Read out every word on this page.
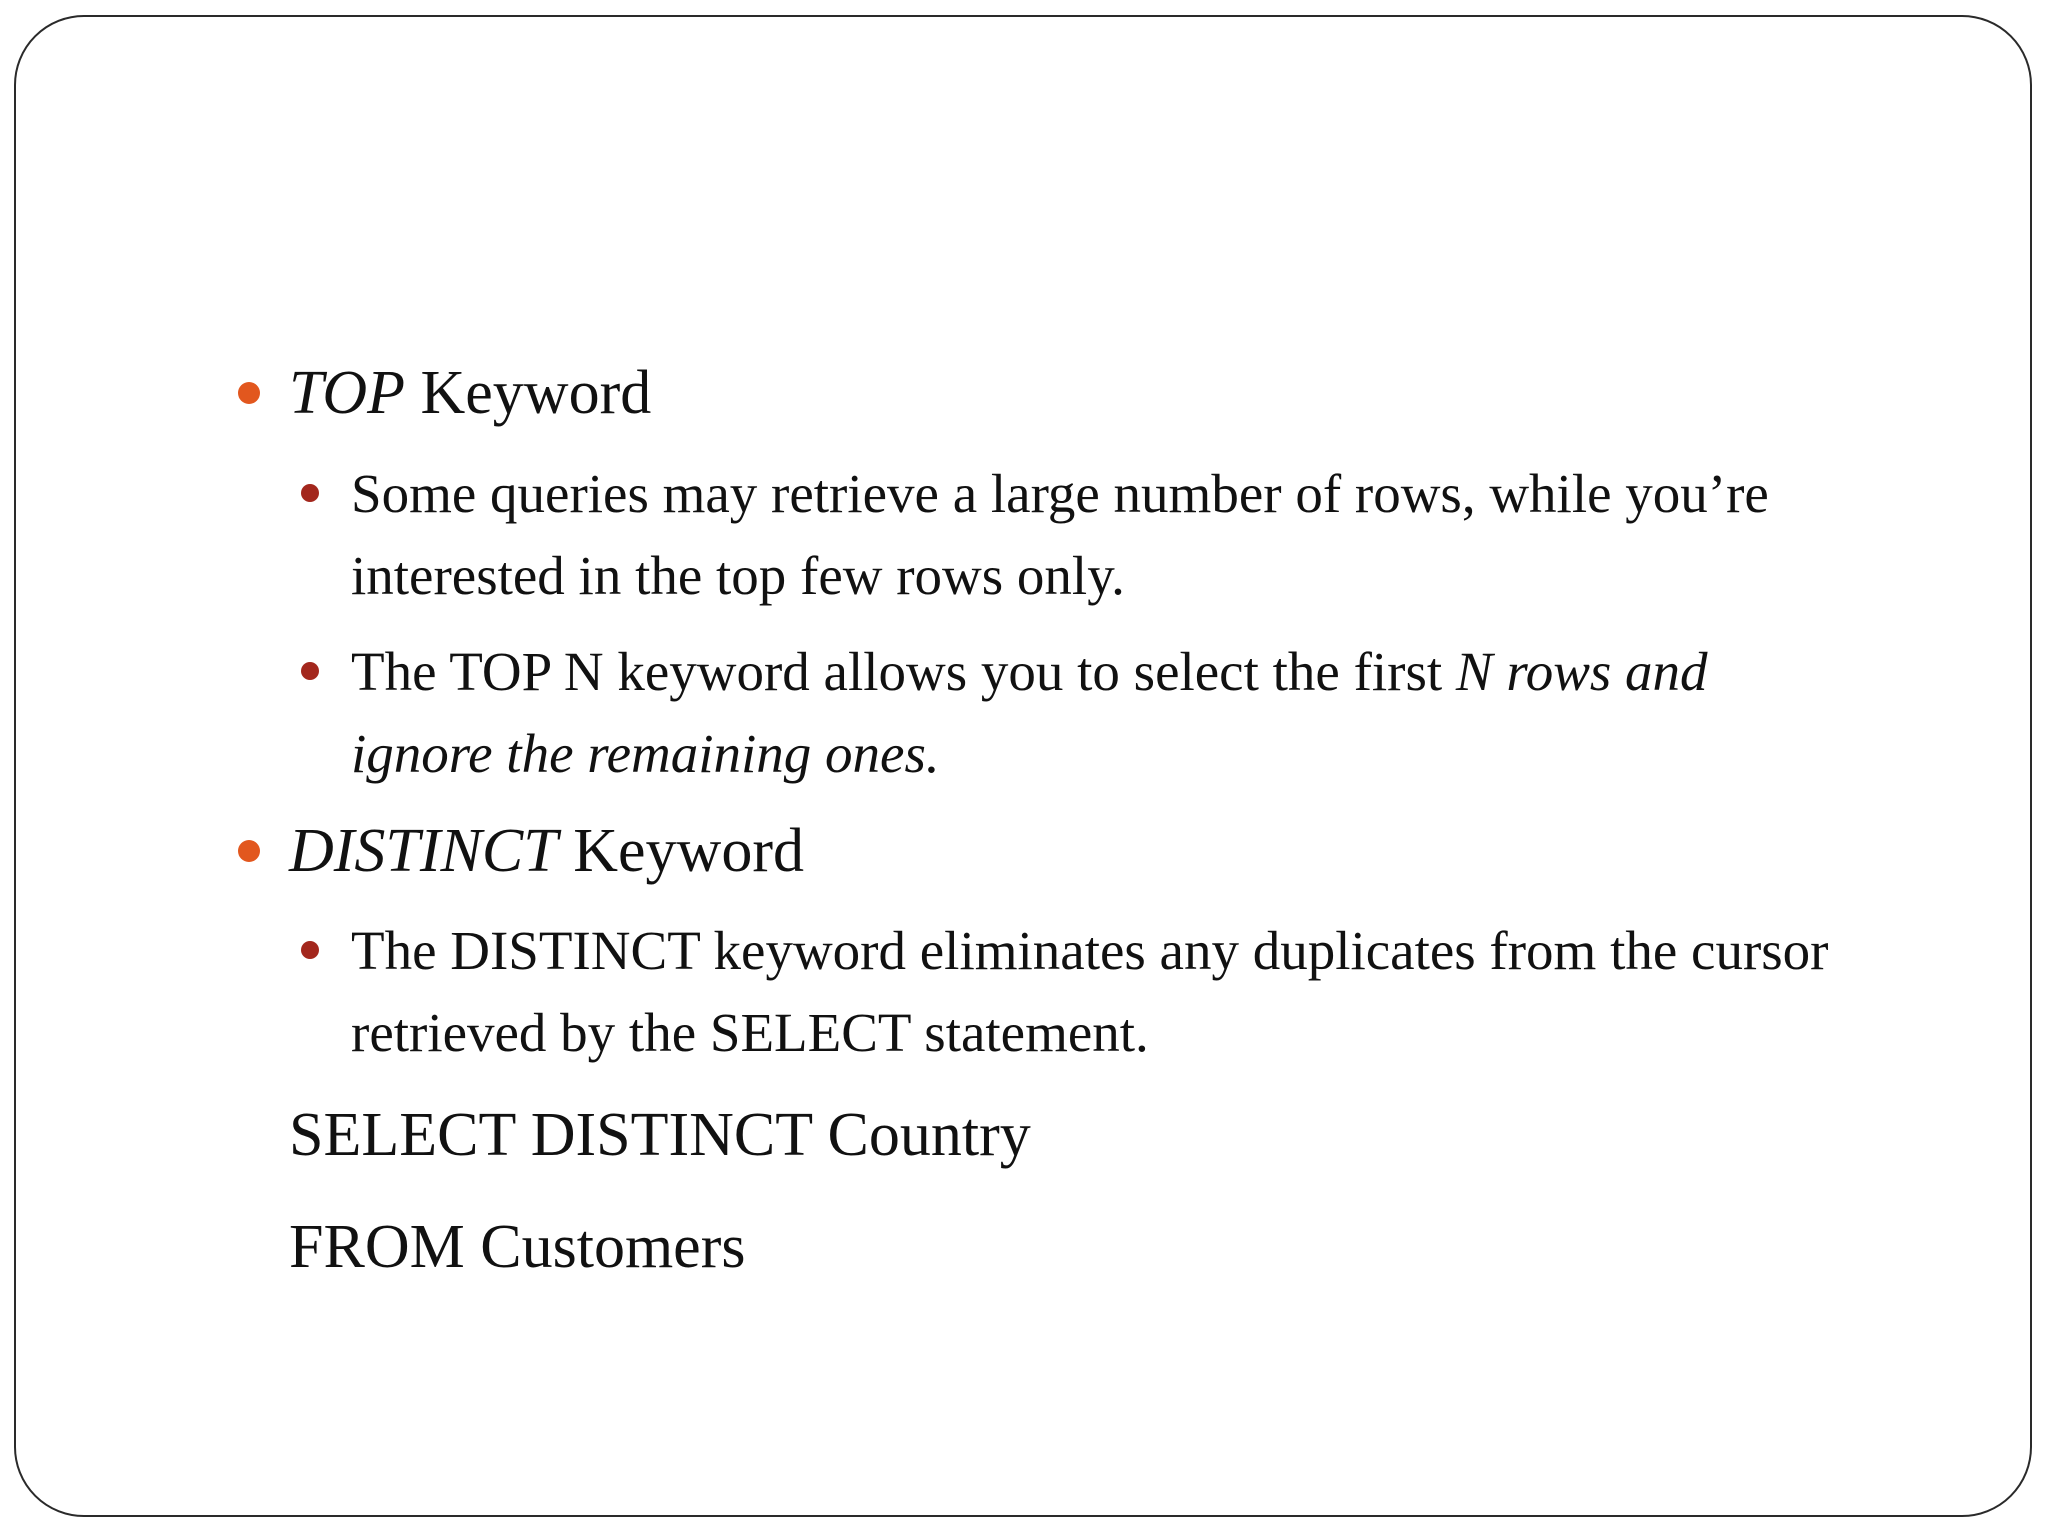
TOP Keyword
Some queries may retrieve a large number of rows, while you’re interested in the top few rows only.
The TOP N keyword allows you to select the first N rows and ignore the remaining ones.
DISTINCT Keyword
The DISTINCT keyword eliminates any duplicates from the cursor retrieved by the SELECT statement.
SELECT DISTINCT Country
FROM Customers
